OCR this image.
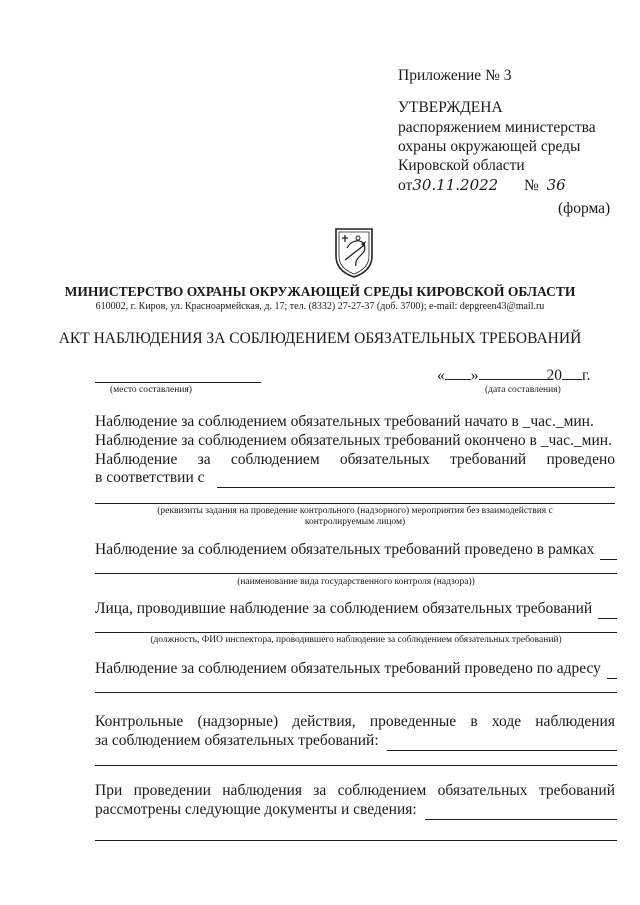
Приложение № 3
УТВЕРЖДЕНА
распоряжением министерства
охраны окружающей среды
Кировской области
от30.11.2022 № 36
(форма)
МИНИСТЕРСТВО ОХРАНЫ ОКРУЖАЮЩЕЙ СРЕДЫ КИРОВСКОЙ ОБЛАСТИ
610002, г. Киров, ул. Красноармейская, д. 17; тел. (8332) 27-27-37 (доб. 3700); e-mail: depgreen43@mail.ru
АКТ НАБЛЮДЕНИЯ ЗА СОБЛЮДЕНИЕМ ОБЯЗАТЕЛЬНЫХ ТРЕБОВАНИЙ
(место составления)
« »	20 г.
(дата составления)
Наблюдение за соблюдением обязательных требований начато в _час._мин.
Наблюдение за соблюдением обязательных требований окончено в _час._мин.
Наблюдение за соблюдением обязательных требований проведено
в соответствии с
(реквизиты задания на проведение контрольного (надзорного) мероприятия без взаимодействия с
контролируемым лицом)
Наблюдение за соблюдением обязательных требований проведено в рамках
(наименование вида государственного контроля (надзора))
Лица, проводившие наблюдение за соблюдением обязательных требований
(должность, ФИО инспектора, проводившего наблюдение за соблюдением обязательных требований)
Наблюдение за соблюдением обязательных требований проведено по адресу
Контрольные (надзорные) действия, проведенные в ходе наблюдения
за соблюдением обязательных требований:
При проведении наблюдения за соблюдением обязательных требований
рассмотрены следующие документы и сведения:
